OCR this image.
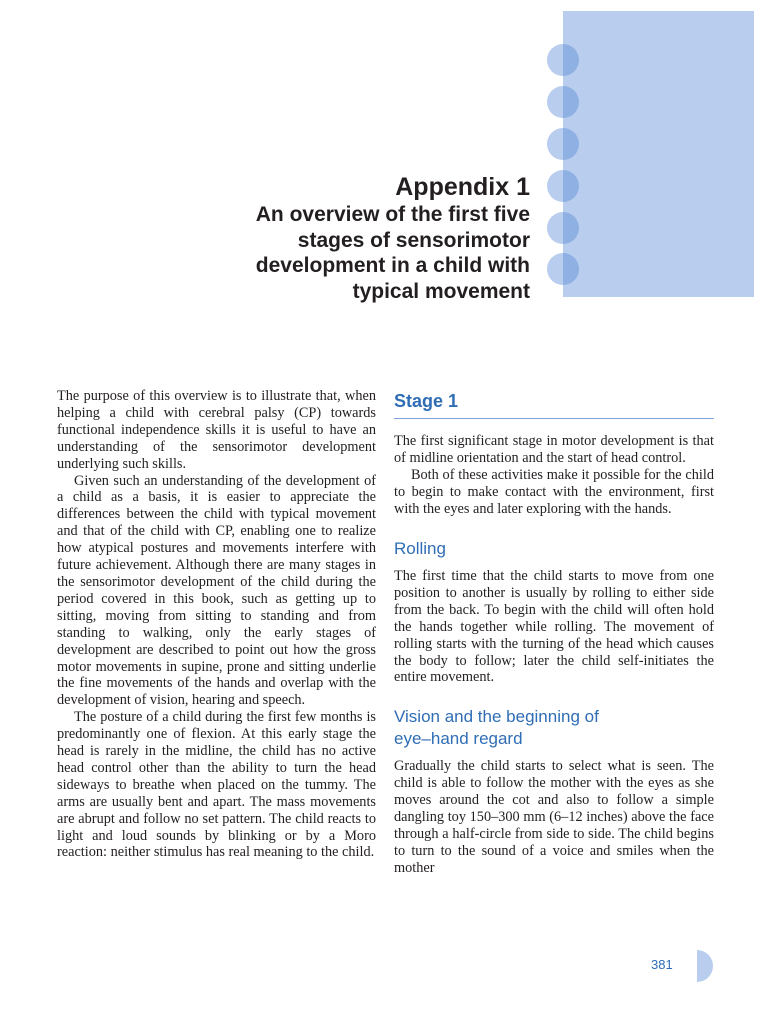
Appendix 1
An overview of the first five
stages of sensorimotor
development in a child with
typical movement

The purpose of this overview is to illustrate that, when helping a child with cerebral palsy (CP) towards functional independence skills it is useful to have an understanding of the sensorimotor development underlying such skills.

Given such an understanding of the development of a child as a basis, it is easier to appreciate the differences between the child with typical movement and that of the child with CP, enabling one to realize how atypical postures and movements interfere with future achievement. Although there are many stages in the sensorimotor development of the child during the period covered in this book, such as getting up to sitting, moving from sitting to standing and from standing to walking, only the early stages of development are described to point out how the gross motor movements in supine, prone and sitting underlie the fine movements of the hands and overlap with the development of vision, hearing and speech.

The posture of a child during the first few months is predominantly one of flexion. At this early stage the head is rarely in the midline, the child has no active head control other than the ability to turn the head sideways to breathe when placed on the tummy. The arms are usually bent and apart. The mass movements are abrupt and follow no set pattern. The child reacts to light and loud sounds by blinking or by a Moro reaction: neither stimulus has real meaning to the child.

Stage 1

The first significant stage in motor development is that of midline orientation and the start of head control.

Both of these activities make it possible for the child to begin to make contact with the environment, first with the eyes and later exploring with the hands.

Rolling

The first time that the child starts to move from one position to another is usually by rolling to either side from the back. To begin with the child will often hold the hands together while rolling. The movement of rolling starts with the turning of the head which causes the body to follow; later the child self-initiates the entire movement.

Vision and the beginning of
eye–hand regard

Gradually the child starts to select what is seen. The child is able to follow the mother with the eyes as she moves around the cot and also to follow a simple dangling toy 150–300 mm (6–12 inches) above the face through a half-circle from side to side. The child begins to turn to the sound of a voice and smiles when the mother

381
